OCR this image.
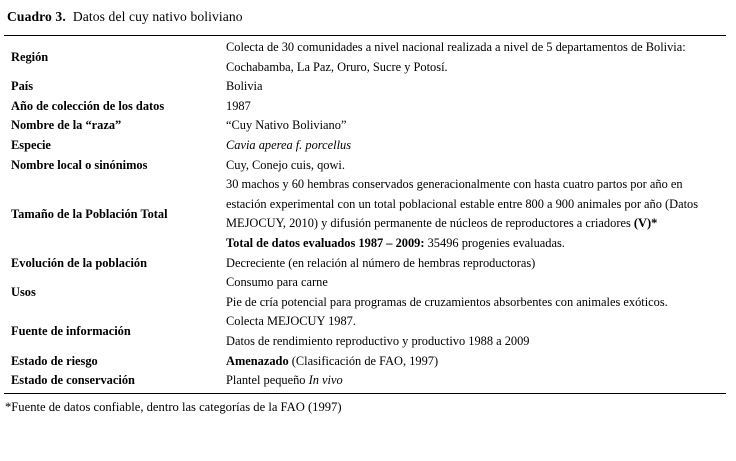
Cuadro 3. Datos del cuy nativo boliviano
Región	Colecta de 30 comunidades a nivel nacional realizada a nivel de 5 departamentos de Bolivia: Cochabamba, La Paz, Oruro, Sucre y Potosí.
País	Bolivia
Año de colección de los datos	1987
Nombre de la “raza”	“Cuy Nativo Boliviano”
Especie	Cavia aperea f. porcellus
Nombre local o sinónimos	Cuy, Conejo cuis, qowi.
Tamaño de la Población Total	30 machos y 60 hembras conservados generacionalmente con hasta cuatro partos por año en estación experimental con un total poblacional estable entre 800 a 900 animales por año (Datos MEJOCUY, 2010) y difusión permanente de núcleos de reproductores a criadores (V)*
Total de datos evaluados 1987 – 2009: 35496 progenies evaluadas.

Evolución de la población	Decreciente (en relación al número de hembras reproductoras)
Usos	Consumo para carne
Pie de cría potencial para programas de cruzamientos absorbentes con animales exóticos.

Fuente de información	Colecta MEJOCUY 1987.
Datos de rendimiento reproductivo y productivo 1988 a 2009

Estado de riesgo	Amenazado (Clasificación de FAO, 1997)
Estado de conservación	Plantel pequeño In vivo
*Fuente de datos confiable, dentro las categorías de la FAO (1997)
